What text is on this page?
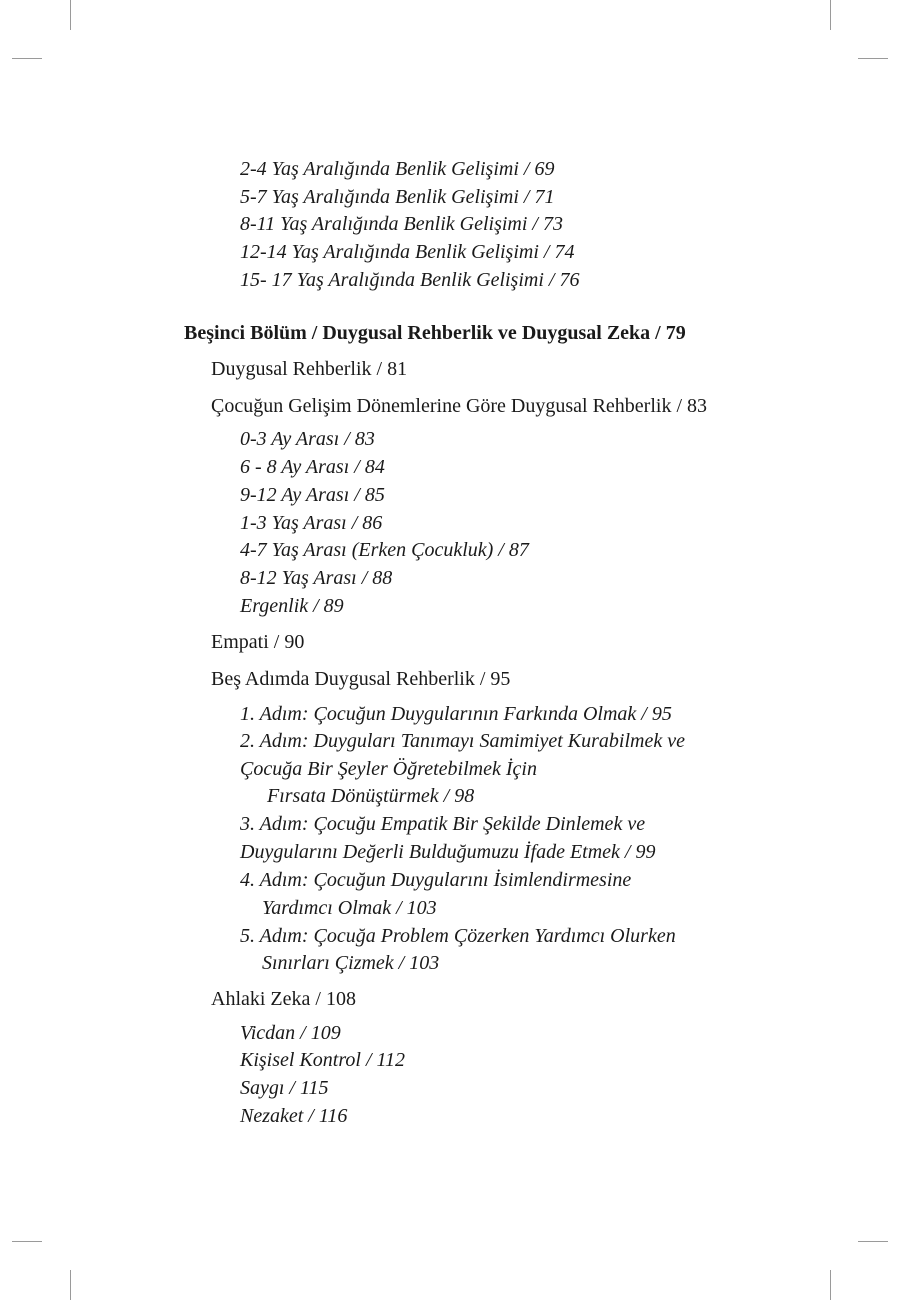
2-4 Yaş Aralığında Benlik Gelişimi / 69
5-7 Yaş Aralığında Benlik Gelişimi / 71
8-11 Yaş Aralığında Benlik Gelişimi / 73
12-14 Yaş Aralığında Benlik Gelişimi / 74
15- 17 Yaş Aralığında Benlik Gelişimi / 76
Beşinci Bölüm / Duygusal Rehberlik ve Duygusal Zeka / 79
Duygusal Rehberlik / 81
Çocuğun Gelişim Dönemlerine Göre Duygusal Rehberlik / 83
0-3 Ay Arası / 83
6 - 8 Ay Arası / 84
9-12 Ay Arası / 85
1-3 Yaş Arası / 86
4-7 Yaş Arası (Erken Çocukluk) / 87
8-12 Yaş Arası / 88
Ergenlik / 89
Empati / 90
Beş Adımda Duygusal Rehberlik / 95
1. Adım: Çocuğun Duygularının Farkında Olmak / 95
2. Adım: Duyguları Tanımayı Samimiyet Kurabilmek ve
Çocuğa Bir Şeyler Öğretebilmek İçin
Fırsata Dönüştürmek / 98
3. Adım: Çocuğu Empatik Bir Şekilde Dinlemek ve
Duygularını Değerli Bulduğumuzu İfade Etmek / 99
4. Adım: Çocuğun Duygularını İsimlendirmesine
Yardımcı Olmak / 103
5. Adım: Çocuğa Problem Çözerken Yardımcı Olurken
Sınırları Çizmek / 103
Ahlaki Zeka / 108
Vicdan / 109
Kişisel Kontrol / 112
Saygı / 115
Nezaket / 116
